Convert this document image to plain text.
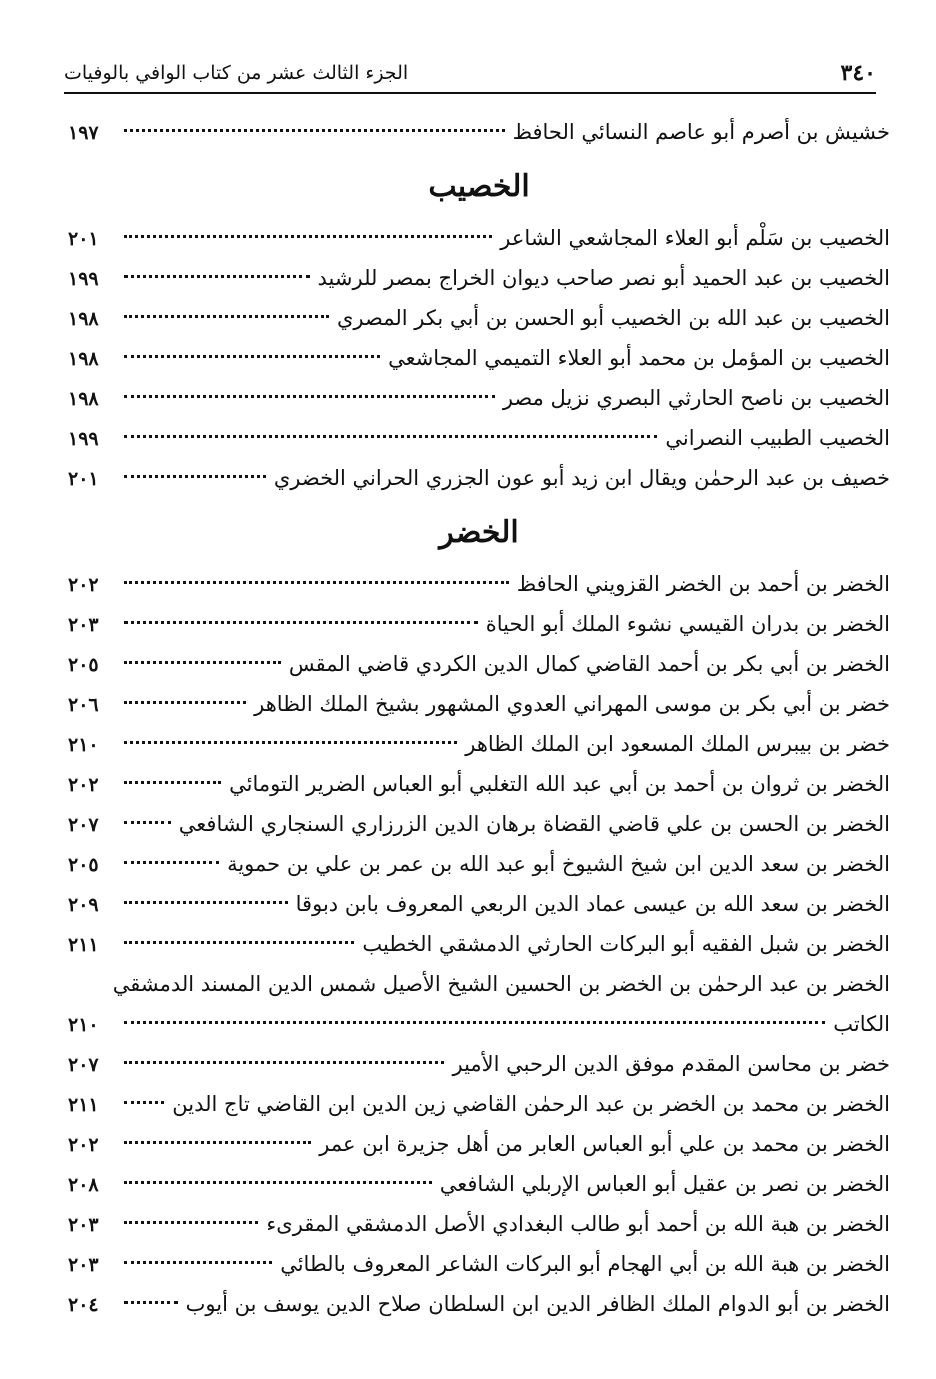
٣٤٠
الجزء الثالث عشر من كتاب الوافي بالوفيات
خشيش بن أصرم أبو عاصم النسائي الحافظ
١٩٧
الخصيب
الخصيب بن سَلْم أبو العلاء المجاشعي الشاعر
٢٠١
الخصيب بن عبد الحميد أبو نصر صاحب ديوان الخراج بمصر للرشيد
١٩٩
الخصيب بن عبد الله بن الخصيب أبو الحسن بن أبي بكر المصري
١٩٨
الخصيب بن المؤمل بن محمد أبو العلاء التميمي المجاشعي
١٩٨
الخصيب بن ناصح الحارثي البصري نزيل مصر
١٩٨
الخصيب الطبيب النصراني
١٩٩
خصيف بن عبد الرحمٰن ويقال ابن زيد أبو عون الجزري الحراني الخضري
٢٠١
الخضر
الخضر بن أحمد بن الخضر القزويني الحافظ
٢٠٢
الخضر بن بدران القيسي نشوء الملك أبو الحياة
٢٠٣
الخضر بن أبي بكر بن أحمد القاضي كمال الدين الكردي قاضي المقس
٢٠٥
خضر بن أبي بكر بن موسى المهراني العدوي المشهور بشيخ الملك الظاهر
٢٠٦
خضر بن بيبرس الملك المسعود ابن الملك الظاهر
٢١٠
الخضر بن ثروان بن أحمد بن أبي عبد الله التغلبي أبو العباس الضرير التومائي
٢٠٢
الخضر بن الحسن بن علي قاضي القضاة برهان الدين الزرزاري السنجاري الشافعي
٢٠٧
الخضر بن سعد الدين ابن شيخ الشيوخ أبو عبد الله بن عمر بن علي بن حموية
٢٠٥
الخضر بن سعد الله بن عيسى عماد الدين الربعي المعروف بابن دبوقا
٢٠٩
الخضر بن شبل الفقيه أبو البركات الحارثي الدمشقي الخطيب
٢١١
الخضر بن عبد الرحمٰن بن الخضر بن الحسين الشيخ الأصيل شمس الدين المسند الدمشقي
الكاتب
٢١٠
خضر بن محاسن المقدم موفق الدين الرحبي الأمير
٢٠٧
الخضر بن محمد بن الخضر بن عبد الرحمٰن القاضي زين الدين ابن القاضي تاج الدين
٢١١
الخضر بن محمد بن علي أبو العباس العابر من أهل جزيرة ابن عمر
٢٠٢
الخضر بن نصر بن عقيل أبو العباس الإربلي الشافعي
٢٠٨
الخضر بن هبة الله بن أحمد أبو طالب البغدادي الأصل الدمشقي المقرىء
٢٠٣
الخضر بن هبة الله بن أبي الهجام أبو البركات الشاعر المعروف بالطائي
٢٠٣
الخضر بن أبو الدوام الملك الظافر الدين ابن السلطان صلاح الدين يوسف بن أيوب
٢٠٤
